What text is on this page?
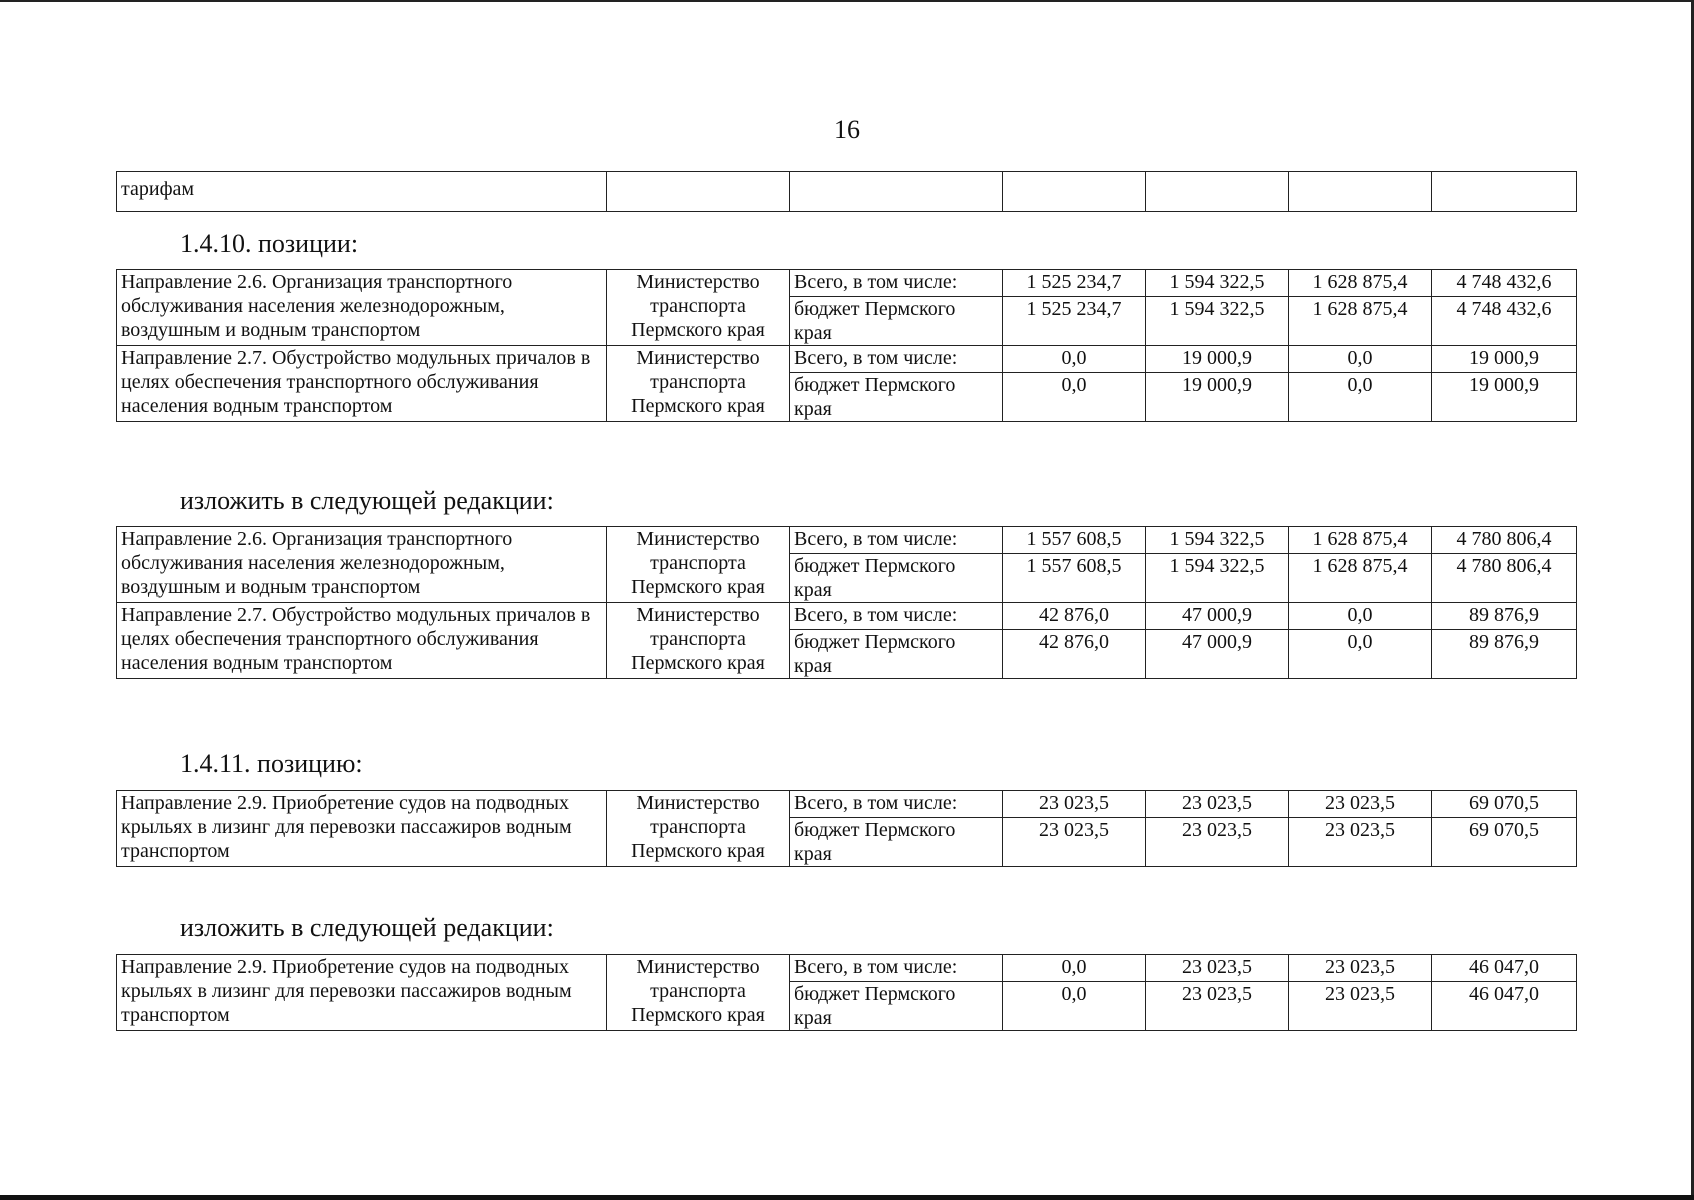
16
тарифам						
1.4.10. позиции:
Направление 2.6. Организация транспортного обслуживания населения железнодорожным, воздушным и водным транспортом	Министерство транспорта Пермского края	Всего, в том числе:	1 525 234,7	1 594 322,5	1 628 875,4	4 748 432,6
		бюджет Пермского края	1 525 234,7	1 594 322,5	1 628 875,4	4 748 432,6
Направление 2.7. Обустройство модульных причалов в целях обеспечения транспортного обслуживания населения водным транспортом	Министерство транспорта Пермского края	Всего, в том числе:	0,0	19 000,9	0,0	19 000,9
		бюджет Пермского края	0,0	19 000,9	0,0	19 000,9
изложить в следующей редакции:
Направление 2.6. Организация транспортного обслуживания населения железнодорожным, воздушным и водным транспортом	Министерство транспорта Пермского края	Всего, в том числе:	1 557 608,5	1 594 322,5	1 628 875,4	4 780 806,4
		бюджет Пермского края	1 557 608,5	1 594 322,5	1 628 875,4	4 780 806,4
Направление 2.7. Обустройство модульных причалов в целях обеспечения транспортного обслуживания населения водным транспортом	Министерство транспорта Пермского края	Всего, в том числе:	42 876,0	47 000,9	0,0	89 876,9
		бюджет Пермского края	42 876,0	47 000,9	0,0	89 876,9
1.4.11. позицию:
Направление 2.9. Приобретение судов на подводных крыльях в лизинг для перевозки пассажиров водным транспортом	Министерство транспорта Пермского края	Всего, в том числе:	23 023,5	23 023,5	23 023,5	69 070,5
		бюджет Пермского края	23 023,5	23 023,5	23 023,5	69 070,5
изложить в следующей редакции:
Направление 2.9. Приобретение судов на подводных крыльях в лизинг для перевозки пассажиров водным транспортом	Министерство транспорта Пермского края	Всего, в том числе:	0,0	23 023,5	23 023,5	46 047,0
		бюджет Пермского края	0,0	23 023,5	23 023,5	46 047,0
